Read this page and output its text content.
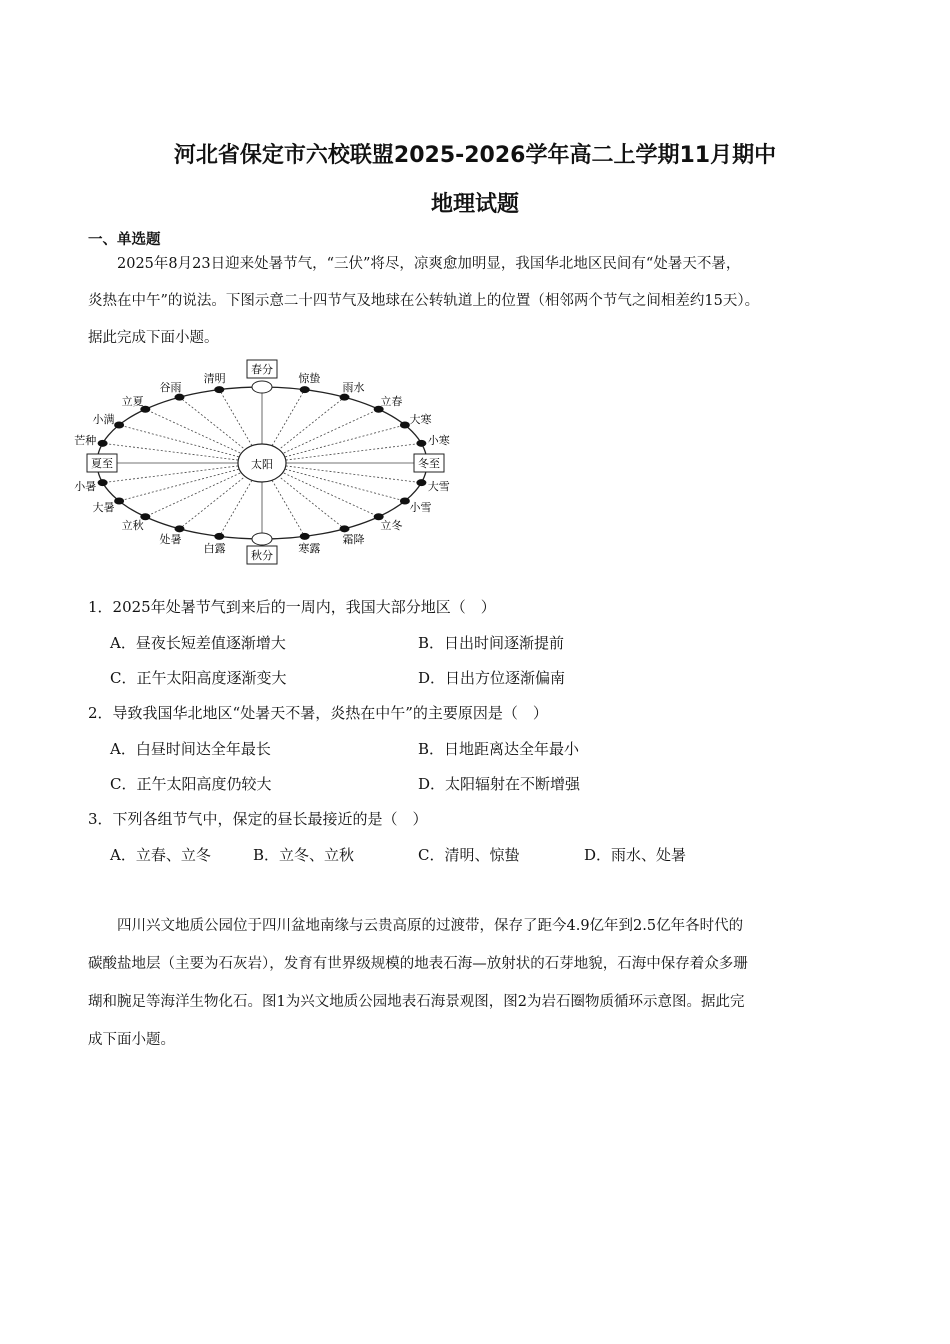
河北省保定市六校联盟2025-2026学年高二上学期11月期中
地理试题
一、单选题
2025年8月23日迎来处暑节气，“三伏”将尽，凉爽愈加明显，我国华北地区民间有“处暑天不暑，
炎热在中午”的说法。下图示意二十四节气及地球在公转轨道上的位置（相邻两个节气之间相差约15天）。
据此完成下面小题。
太阳
清明
谷雨
立夏
小满
芒种
小暑
大暑
立秋
处暑
白露	寒露
霜降
立冬
小雪
大雪
小寒
大寒
立春
雨水
惊蛰
春分
秋分
夏至	冬至
1．2025年处暑节气到来后的一周内，我国大部分地区（　）
A．昼夜长短差值逐渐增大	B．日出时间逐渐提前
C．正午太阳高度逐渐变大	D．日出方位逐渐偏南
2．导致我国华北地区“处暑天不暑，炎热在中午”的主要原因是（　）
A．白昼时间达全年最长	B．日地距离达全年最小
C．正午太阳高度仍较大	D．太阳辐射在不断增强
3．下列各组节气中，保定的昼长最接近的是（　）
A．立春、立冬	B．立冬、立秋	C．清明、惊蛰	D．雨水、处暑
四川兴文地质公园位于四川盆地南缘与云贵高原的过渡带，保存了距今4.9亿年到2.5亿年各时代的
碳酸盐地层（主要为石灰岩），发育有世界级规模的地表石海—放射状的石芽地貌，石海中保存着众多珊
瑚和腕足等海洋生物化石。图1为兴文地质公园地表石海景观图，图2为岩石圈物质循环示意图。据此完
成下面小题。
